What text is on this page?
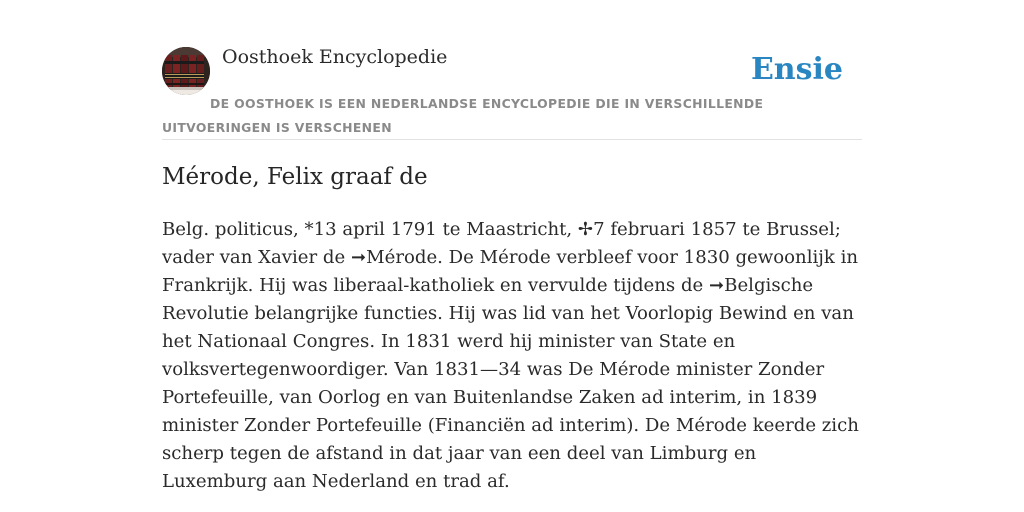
Oosthoek Encyclopedie	Ensie
DE OOSTHOEK IS EEN NEDERLANDSE ENCYCLOPEDIE DIE IN VERSCHILLENDE UITVOERINGEN IS VERSCHENEN
Mérode, Felix graaf de

Belg. politicus, *13 april 1791 te Maastricht, ✢7 februari 1857 te Brussel; vader van Xavier de ➞Mérode. De Mérode verbleef voor 1830 gewoonlijk in Frankrijk. Hij was liberaal-katholiek en vervulde tijdens de ➞Belgische Revolutie belangrijke functies. Hij was lid van het Voorlopig Bewind en van het Nationaal Congres. In 1831 werd hij minister van State en volksvertegenwoordiger. Van 1831—34 was De Mérode minister Zonder Portefeuille, van Oorlog en van Buitenlandse Zaken ad interim, in 1839 minister Zonder Portefeuille (Financiën ad interim). De Mérode keerde zich scherp tegen de afstand in dat jaar van een deel van Limburg en Luxemburg aan Nederland en trad af.
